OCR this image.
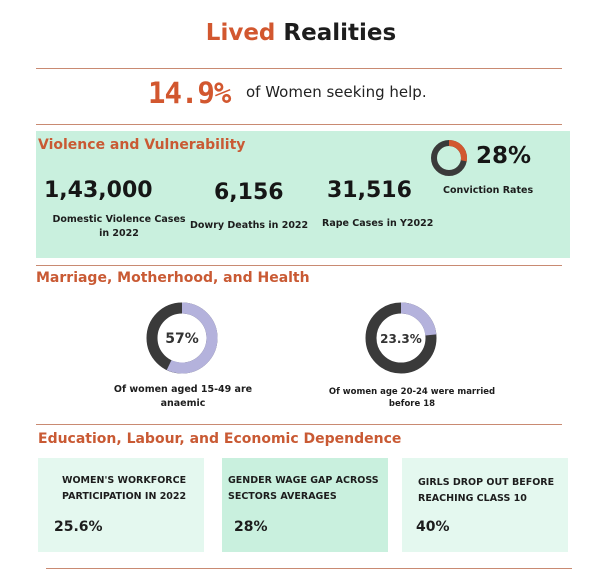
Lived Realities
14.9% of Women seeking help.
Violence and Vulnerability
1,43,000
Domestic Violence Cases
in 2022
6,156
Dowry Deaths in 2022
31,516
Rape Cases in Y2022
28%
Conviction Rates
Marriage, Motherhood, and Health
57%
Of women aged 15-49 are
anaemic
23.3%
Of women age 20-24 were married
before 18
Education, Labour, and Economic Dependence
WOMEN'S WORKFORCE
PARTICIPATION IN 2022
25.6%
GENDER WAGE GAP ACROSS
SECTORS AVERAGES
28%
GIRLS DROP OUT BEFORE
REACHING CLASS 10
40%
